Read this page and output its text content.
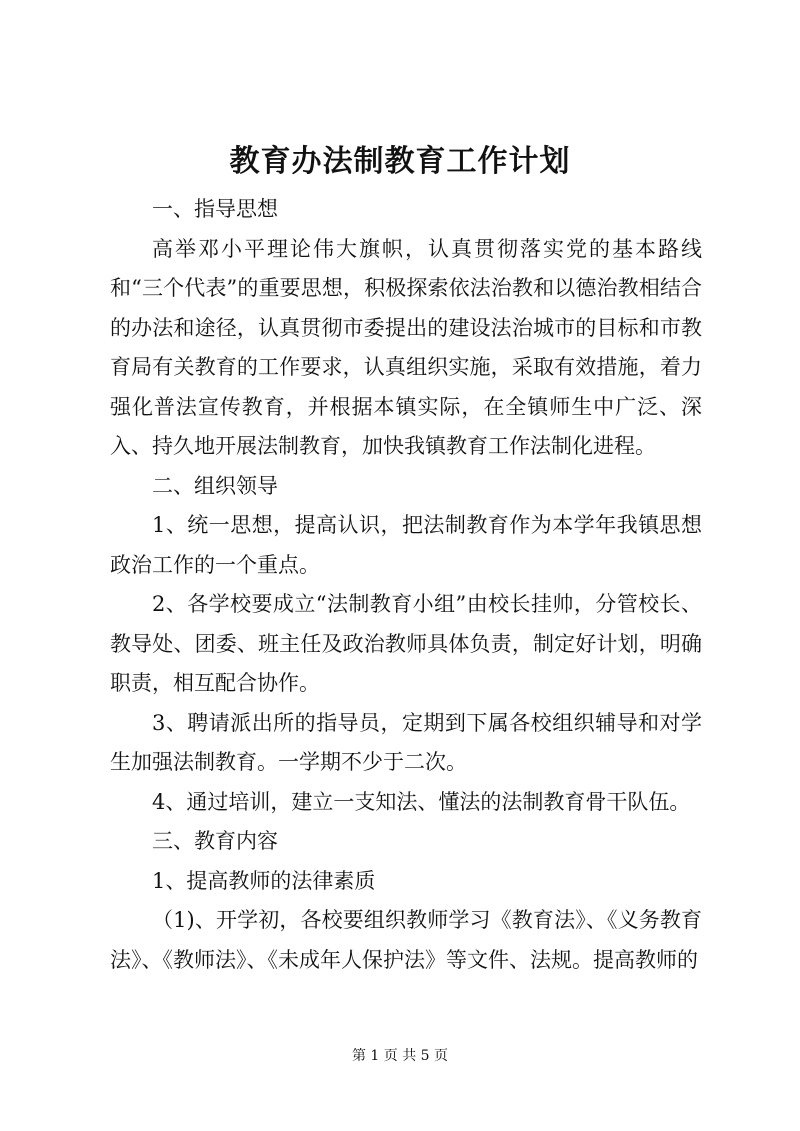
教育办法制教育工作计划

一、指导思想

高举邓小平理论伟大旗帜，认真贯彻落实党的基本路线和“三个代表”的重要思想，积极探索依法治教和以德治教相结合的办法和途径，认真贯彻市委提出的建设法治城市的目标和市教育局有关教育的工作要求，认真组织实施，采取有效措施，着力强化普法宣传教育，并根据本镇实际，在全镇师生中广泛、深入、持久地开展法制教育，加快我镇教育工作法制化进程。

二、组织领导

1、统一思想，提高认识，把法制教育作为本学年我镇思想政治工作的一个重点。

2、各学校要成立“法制教育小组”由校长挂帅，分管校长、教导处、团委、班主任及政治教师具体负责，制定好计划，明确职责，相互配合协作。

3、聘请派出所的指导员，定期到下属各校组织辅导和对学生加强法制教育。一学期不少于二次。

4、通过培训，建立一支知法、懂法的法制教育骨干队伍。

三、教育内容

1、提高教师的法律素质

（1)、开学初，各校要组织教师学习《教育法》、《义务教育法》、《教师法》、《未成年人保护法》等文件、法规。提高教师的

第 1 页 共 5 页
